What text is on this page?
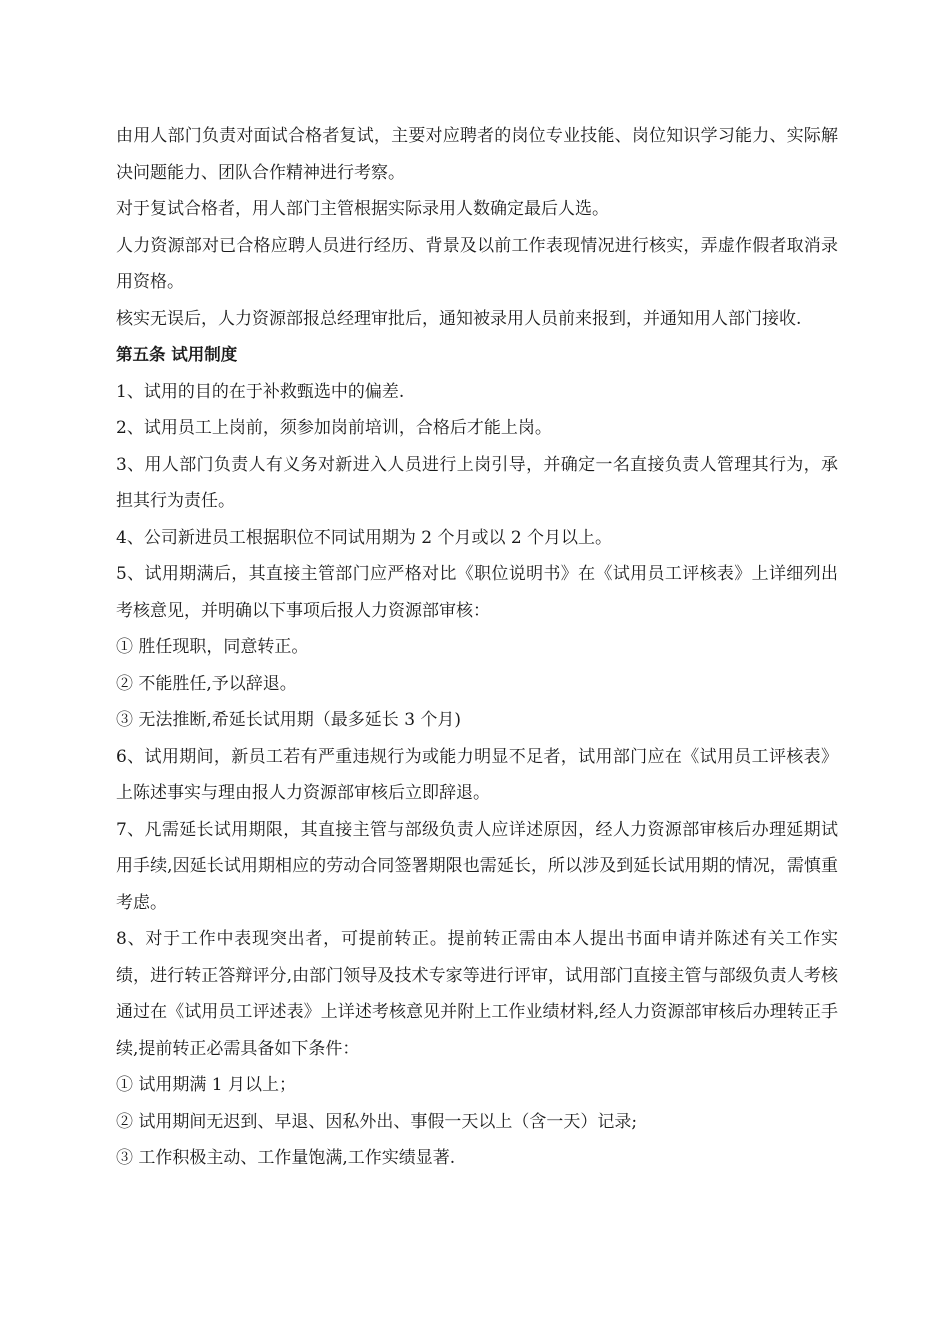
由用人部门负责对面试合格者复试，主要对应聘者的岗位专业技能、岗位知识学习能力、实际解决问题能力、团队合作精神进行考察。

对于复试合格者，用人部门主管根据实际录用人数确定最后人选。

人力资源部对已合格应聘人员进行经历、背景及以前工作表现情况进行核实，弄虚作假者取消录用资格。

核实无误后，人力资源部报总经理审批后，通知被录用人员前来报到，并通知用人部门接收.

第五条 试用制度

1、试用的目的在于补救甄选中的偏差.

2、试用员工上岗前，须参加岗前培训，合格后才能上岗。

3、用人部门负责人有义务对新进入人员进行上岗引导，并确定一名直接负责人管理其行为，承担其行为责任。

4、公司新进员工根据职位不同试用期为 2 个月或以 2 个月以上。

5、试用期满后，其直接主管部门应严格对比《职位说明书》在《试用员工评核表》上详细列出考核意见，并明确以下事项后报人力资源部审核：

① 胜任现职，同意转正。

② 不能胜任,予以辞退。

③ 无法推断,希延长试用期（最多延长 3 个月)

6、试用期间，新员工若有严重违规行为或能力明显不足者，试用部门应在《试用员工评核表》上陈述事实与理由报人力资源部审核后立即辞退。

7、凡需延长试用期限，其直接主管与部级负责人应详述原因，经人力资源部审核后办理延期试用手续,因延长试用期相应的劳动合同签署期限也需延长，所以涉及到延长试用期的情况，需慎重考虑。

8、对于工作中表现突出者，可提前转正。提前转正需由本人提出书面申请并陈述有关工作实绩，进行转正答辩评分,由部门领导及技术专家等进行评审，试用部门直接主管与部级负责人考核通过在《试用员工评述表》上详述考核意见并附上工作业绩材料,经人力资源部审核后办理转正手续,提前转正必需具备如下条件：

① 试用期满 1 月以上；

② 试用期间无迟到、早退、因私外出、事假一天以上（含一天）记录;

③ 工作积极主动、工作量饱满,工作实绩显著.
